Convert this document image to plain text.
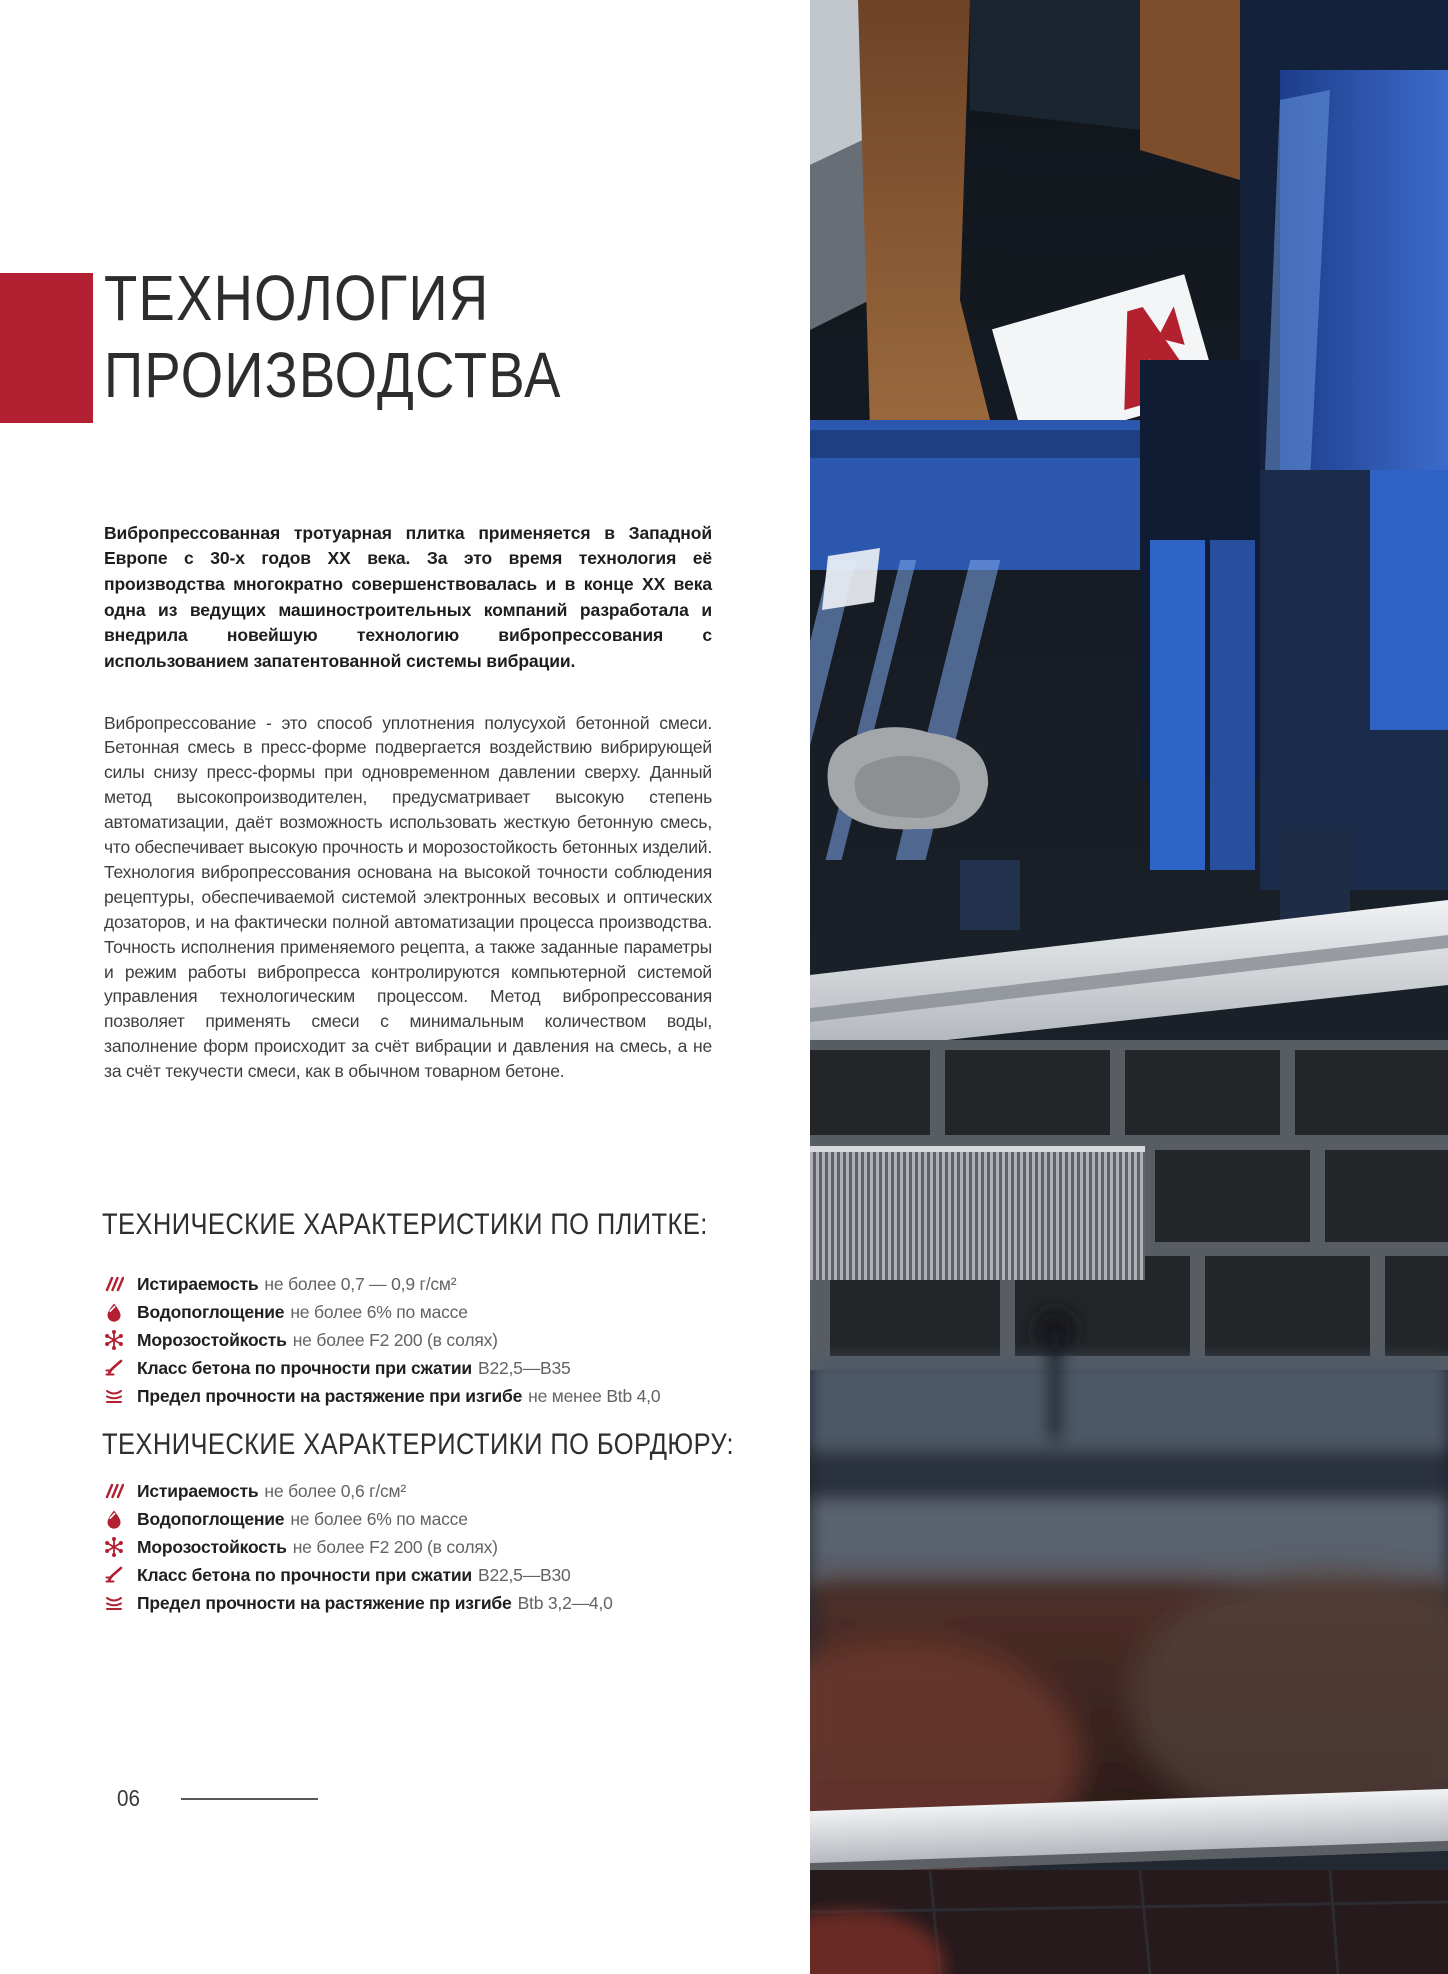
ТЕХНОЛОГИЯ
ПРОИЗВОДСТВА

Вибропрессованная тротуарная плитка применяется в Западной Европе с 30-х годов XX века. За это время технология её производства многократно совершенствовалась и в конце XX века одна из ведущих машиностроительных компаний разработала и внедрила новейшую технологию вибропрессования с использованием запатентованной системы вибрации.

Вибропрессование - это способ уплотнения полусухой бетонной смеси. Бетонная смесь в пресс-форме подвергается воздействию вибрирующей силы снизу пресс-формы при одновременном давлении сверху. Данный метод высокопроизводителен, предусматривает высокую степень автоматизации, даёт возможность использовать жесткую бетонную смесь, что обеспечивает высокую прочность и морозостойкость бетонных изделий. Технология вибропрессования основана на высокой точности соблюдения рецептуры, обеспечиваемой системой электронных весовых и оптических дозаторов, и на фактически полной автоматизации процесса производства. Точность исполнения применяемого рецепта, а также заданные параметры и режим работы вибропресса контролируются компьютерной системой управления технологическим процессом. Метод вибропрессования позволяет применять смеси с минимальным количеством воды, заполнение форм происходит за счёт вибрации и давления на смесь, а не за счёт текучести смеси, как в обычном товарном бетоне.

ТЕХНИЧЕСКИЕ ХАРАКТЕРИСТИКИ ПО ПЛИТКЕ:
Истираемость не более 0,7 — 0,9 г/см²
Водопоглощение не более 6% по массе
Морозостойкость не более F2 200 (в солях)
Класс бетона по прочности при сжатии В22,5—В35
Предел прочности на растяжение при изгибе не менее Btb 4,0
ТЕХНИЧЕСКИЕ ХАРАКТЕРИСТИКИ ПО БОРДЮРУ:
Истираемость не более 0,6 г/см²
Водопоглощение не более 6% по массе
Морозостойкость не более F2 200 (в солях)
Класс бетона по прочности при сжатии В22,5—В30
Предел прочности на растяжение пр изгибе Btb 3,2—4,0
06
